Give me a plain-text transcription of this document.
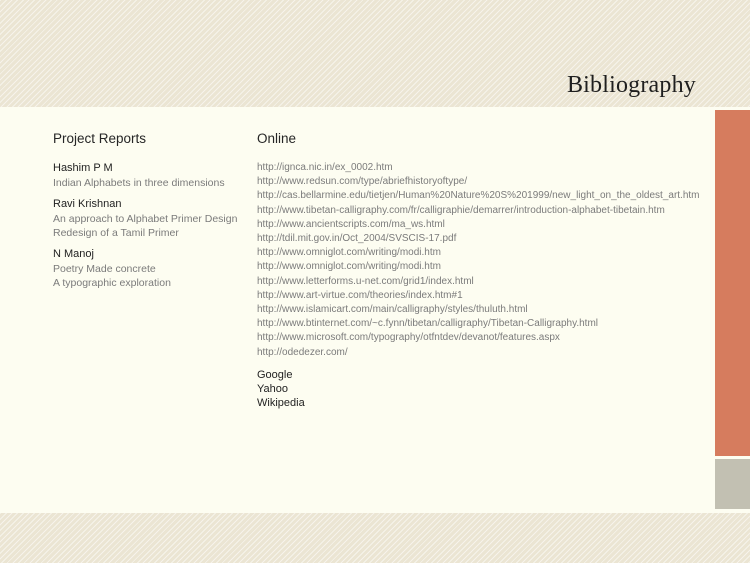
Bibliography
Project Reports
Hashim P M
Indian Alphabets in three dimensions
Ravi Krishnan
An approach to Alphabet Primer Design
Redesign of a Tamil Primer
N Manoj
Poetry Made concrete
A typographic exploration
Online
http://ignca.nic.in/ex_0002.htm
http://www.redsun.com/type/abriefhistoryoftype/
http://cas.bellarmine.edu/tietjen/Human%20Nature%20S%201999/new_light_on_the_oldest_art.htm
http://www.tibetan-calligraphy.com/fr/calligraphie/demarrer/introduction-alphabet-tibetain.htm
http://www.ancientscripts.com/ma_ws.html
http://tdil.mit.gov.in/Oct_2004/SVSCIS-17.pdf
http://www.omniglot.com/writing/modi.htm
http://www.omniglot.com/writing/modi.htm
http://www.letterforms.u-net.com/grid1/index.html
http://www.art-virtue.com/theories/index.htm#1
http://www.islamicart.com/main/calligraphy/styles/thuluth.html
http://www.btinternet.com/~c.fynn/tibetan/calligraphy/Tibetan-Calligraphy.html
http://www.microsoft.com/typography/otfntdev/devanot/features.aspx
http://odedezer.com/
Google
Yahoo
Wikipedia
